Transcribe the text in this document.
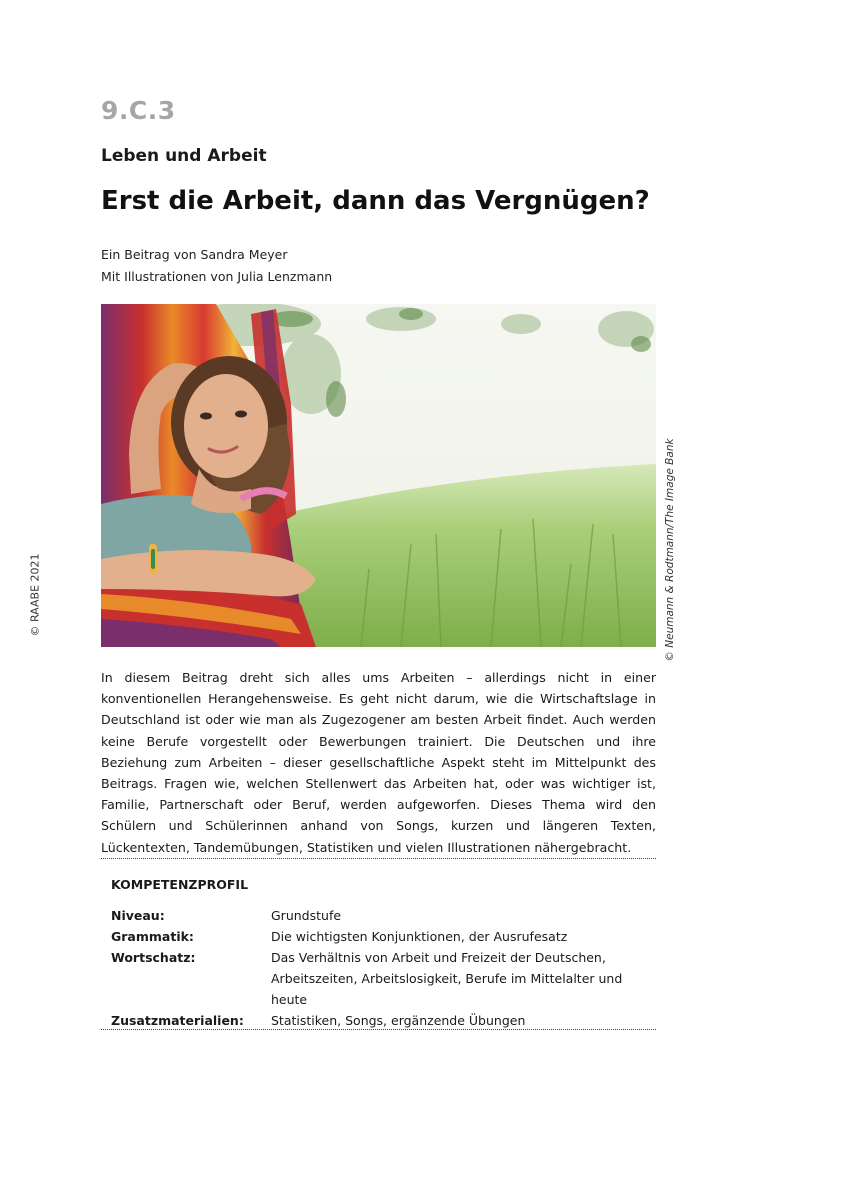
© RAABE 2021
9.C.3
Leben und Arbeit
Erst die Arbeit, dann das Vergnügen?
Ein Beitrag von Sandra Meyer
Mit Illustrationen von Julia Lenzmann
© Neumann & Rodtmann/The Image Bank

In diesem Beitrag dreht sich alles ums Arbeiten – allerdings nicht in einer konventionellen Herangehensweise. Es geht nicht darum, wie die Wirtschaftslage in Deutschland ist oder wie man als Zugezogener am besten Arbeit findet. Auch werden keine Berufe vorgestellt oder Bewerbungen trainiert. Die Deutschen und ihre Beziehung zum Arbeiten – dieser gesellschaftliche Aspekt steht im Mittelpunkt des Beitrags. Fragen wie, welchen Stellenwert das Arbeiten hat, oder was wichtiger ist, Familie, Partnerschaft oder Beruf, werden aufgeworfen. Dieses Thema wird den Schülern und Schülerinnen anhand von Songs, kurzen und längeren Texten, Lückentexten, Tandemübungen, Statistiken und vielen Illustrationen nähergebracht.

KOMPETENZPROFIL
Niveau:	Grundstufe
Grammatik:	Die wichtigsten Konjunktionen, der Ausrufesatz
Wortschatz:	Das Verhältnis von Arbeit und Freizeit der Deutschen, Arbeitszeiten, Arbeitslosigkeit, Berufe im Mittelalter und heute
Zusatzmaterialien:	Statistiken, Songs, ergänzende Übungen
